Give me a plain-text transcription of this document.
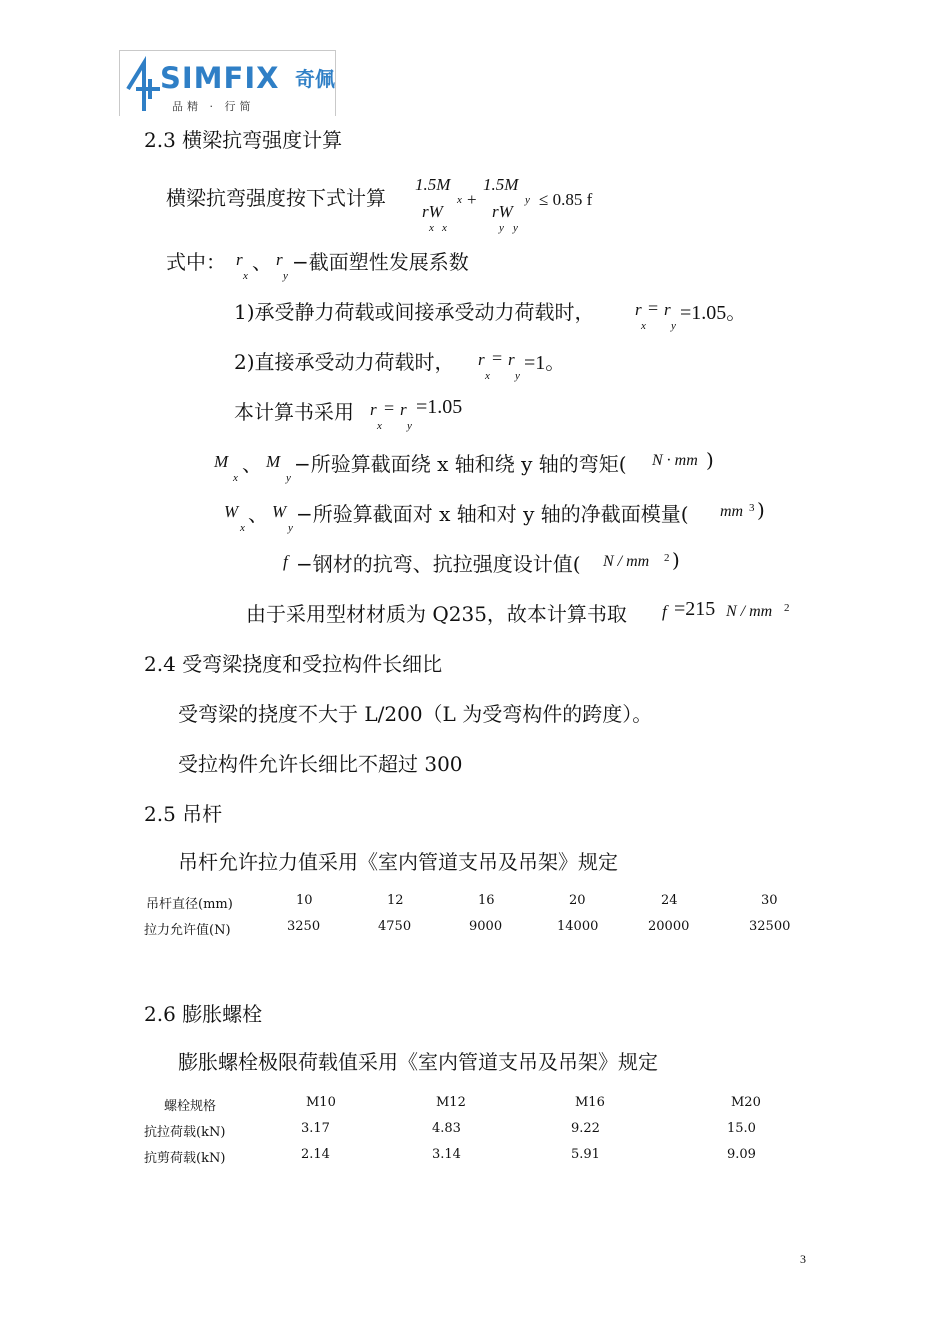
SIMFIX 奇佩
品精 · 行简
2.3 横梁抗弯强度计算
横梁抗弯强度按下式计算
1.5M
x
rW
x x
+
1.5M
y
rW
y y
≤ 0.85 f
式中： r
x
、 r
y
−截面塑性发展系数
1)承受静力荷载或间接承受动力荷载时， r
x
= r
y
=1.05。
2)直接承受动力荷载时， r
x
= r
y
=1。
本计算书采用 r
x
= r
y
=1.05
M
x
、 M
y
−所验算截面绕 x 轴和绕 y 轴的弯矩( N · mm )
W
x
、 W
y
−所验算截面对 x 轴和对 y 轴的净截面模量( mm 3 )
f −钢材的抗弯、抗拉强度设计值( N / mm 2 )
由于采用型材材质为 Q235，故本计算书取 f =215 N / mm 2
2.4 受弯梁挠度和受拉构件长细比
受弯梁的挠度不大于 L/200（L 为受弯构件的跨度）。
受拉构件允许长细比不超过 300
2.5 吊杆
吊杆允许拉力值采用《室内管道支吊及吊架》规定
吊杆直径(mm)	10	12	16	20	24	30
拉力允许值(N)	3250	4750	9000	14000	20000	32500
2.6 膨胀螺栓
膨胀螺栓极限荷载值采用《室内管道支吊及吊架》规定
螺栓规格	M10	M12	M16	M20
抗拉荷载(kN)	3.17	4.83	9.22	15.0
抗剪荷载(kN)	2.14	3.14	5.91	9.09
3
